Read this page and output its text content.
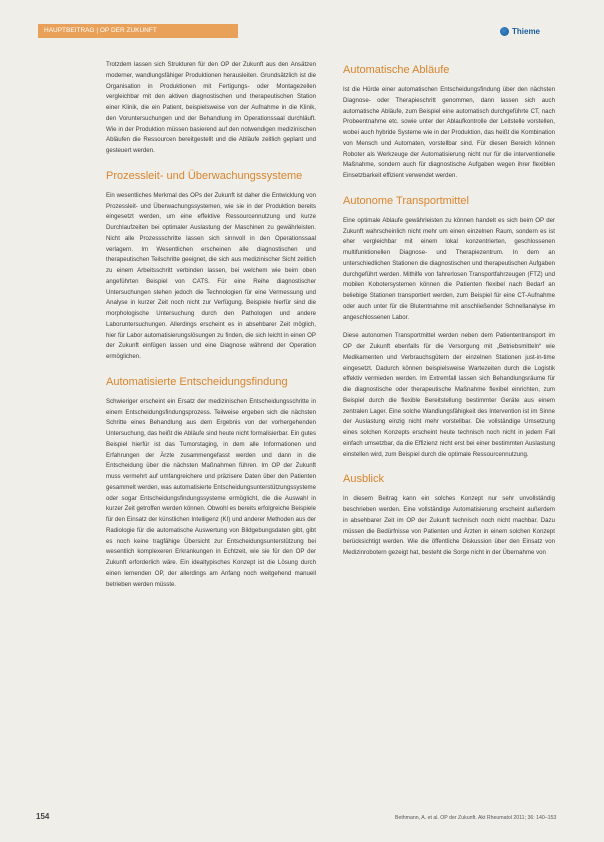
HAUPTBEITRAG | OP DER ZUKUNFT	Thieme

Trotzdem lassen sich Strukturen für den OP der Zukunft aus den Ansätzen moderner, wandlungsfähiger Produktionen herausleiten. Grundsätzlich ist die Organisation in Produktionen mit Fertigungs- oder Montagezellen vergleichbar mit den aktiven diagnostischen und therapeutischen Station einer Klinik, die ein Patient, beispielsweise von der Aufnahme in die Klinik, den Voruntersuchungen und der Behandlung im Operationssaal durchläuft. Wie in der Produktion müssen basierend auf den notwendigen medizinischen Abläufen die Ressourcen bereitgestellt und die Abläufe zeitlich geplant und gesteuert werden.

Prozessleit- und Überwachungssysteme

Ein wesentliches Merkmal des OPs der Zukunft ist daher die Entwicklung von Prozessleit- und Überwachungssystemen, wie sie in der Produktion bereits eingesetzt werden, um eine effektive Ressourcennutzung und kurze Durchlaufzeiten bei optimaler Auslastung der Maschinen zu gewährleisten. Nicht alle Prozessschritte lassen sich sinnvoll in den Operationssaal verlagern. Im Wesentlichen erscheinen alle diagnostischen und therapeutischen Teilschritte geeignet, die sich aus medizinischer Sicht zeitlich zu einem Arbeitsschritt verbinden lassen, bei welchem wie beim oben angeführten Beispiel von CATS. Für eine Reihe diagnostischer Untersuchungen stehen jedoch die Technologien für eine Vermessung und Analyse in kurzer Zeit noch nicht zur Verfügung. Beispiele hierfür sind die morphologische Untersuchung durch den Pathologen und andere Laboruntersuchungen. Allerdings erscheint es in absehbarer Zeit möglich, hier für Labor automatisierungslösungen zu finden, die sich leicht in einen OP der Zukunft einfügen lassen und eine Diagnose während der Operation ermöglichen.

Automatisierte Entscheidungsfindung

Schwieriger erscheint ein Ersatz der medizinischen Entscheidungsschritte in einem Entscheidungsfindungsprozess. Teilweise ergeben sich die nächsten Schritte eines Behandlung aus dem Ergebnis von der vorhergehenden Untersuchung, das heißt die Abläufe sind heute nicht formalisierbar. Ein gutes Beispiel hierfür ist das Tumorstaging, in dem alle Informationen und Erfahrungen der Ärzte zusammengefasst werden und dann in die Entscheidung über die nächsten Maßnahmen führen. Im OP der Zukunft muss vermehrt auf umfangreichere und präzisere Daten über den Patienten gesammelt werden, was automatisierte Entscheidungsunterstützungssysteme oder sogar Entscheidungsfindungssysteme ermöglicht, die die Auswahl in kurzer Zeit getroffen werden können. Obwohl es bereits erfolgreiche Beispiele für den Einsatz der künstlichen Intelligenz (KI) und anderer Methoden aus der Radiologie für die automatische Auswertung von Bildgebungsdaten gibt, gibt es noch keine tragfähige Übersicht zur Entscheidungsunterstützung bei wesentlich komplexeren Erkrankungen in Echtzeit, wie sie für den OP der Zukunft erforderlich wäre. Ein idealtypisches Konzept ist die Lösung durch einen lernenden OP, der allerdings am Anfang noch weitgehend manuell betrieben werden müsste.

Automatische Abläufe

Ist die Hürde einer automatischen Entscheidungsfindung über den nächsten Diagnose- oder Therapieschritt genommen, dann lassen sich auch automatische Abläufe, zum Beispiel eine automatisch durchgeführte CT, nach Probeentnahme etc. sowie unter der Ablaufkontrolle der Leitstelle vorstellen, wobei auch hybride Systeme wie in der Produktion, das heißt die Kombination von Mensch und Automaten, vorstellbar sind. Für diesen Bereich können Roboter als Werkzeuge der Automatisierung nicht nur für die interventionelle Maßnahme, sondern auch für diagnostische Aufgaben wegen ihrer flexiblen Einsetzbarkeit effizient verwendet werden.

Autonome Transportmittel

Eine optimale Ablaufe gewährleisten zu können handelt es sich beim OP der Zukunft wahrscheinlich nicht mehr um einen einzelnen Raum, sondern es ist eher vergleichbar mit einem lokal konzentrierten, geschlossenen multifunktionellen Diagnose- und Therapiezentrum. In dem an unterschiedlichen Stationen die diagnostischen und therapeutischen Aufgaben durchgeführt werden. Mithilfe von fahrerlosen Transportfahrzeugen (FTZ) und mobilen Kobotersystemen können die Patienten flexibel nach Bedarf an beliebige Stationen transportiert werden, zum Beispiel für eine CT-Aufnahme oder auch unter für die Blutentnahme mit anschließender Schnellanalyse im angeschlossenen Labor.

Diese autonomen Transportmittel werden neben dem Patiententransport im OP der Zukunft ebenfalls für die Versorgung mit „Betriebsmitteln“ wie Medikamenten und Verbrauchsgütern der einzelnen Stationen just-in-time eingesetzt. Dadurch können beispielsweise Wartezeiten durch die Logistik effektiv vermieden werden. Im Extremfall lassen sich Behandlungsräume für die diagnostische oder therapeutische Maßnahme flexibel einrichten, zum Beispiel durch die flexible Bereitstellung bestimmter Geräte aus einem zentralen Lager. Eine solche Wandlungsfähigkeit des Intervention ist im Sinne der Auslastung einzig nicht mehr vorstellbar. Die vollständige Umsetzung eines solchen Konzepts erscheint heute technisch noch nicht in jedem Fall einfach umsetzbar, da die Effizienz nicht erst bei einer bestimmten Auslastung einstellen wird, zum Beispiel durch die optimale Ressourcennutzung.

Ausblick

In diesem Beitrag kann ein solches Konzept nur sehr unvollständig beschrieben werden. Eine vollständige Automatisierung erscheint außerdem in absehbarer Zeit im OP der Zukunft technisch noch nicht machbar. Dazu müssen die Bedürfnisse von Patienten und Ärzten in einem solchen Konzept berücksichtigt werden. Wie die öffentliche Diskussion über den Einsatz von Medizinrobotern gezeigt hat, besteht die Sorge nicht in der Übernahme von

154	Bethmann, A. et al. OP der Zukunft. Akt Rheumatol 2011; 36: 140–153
